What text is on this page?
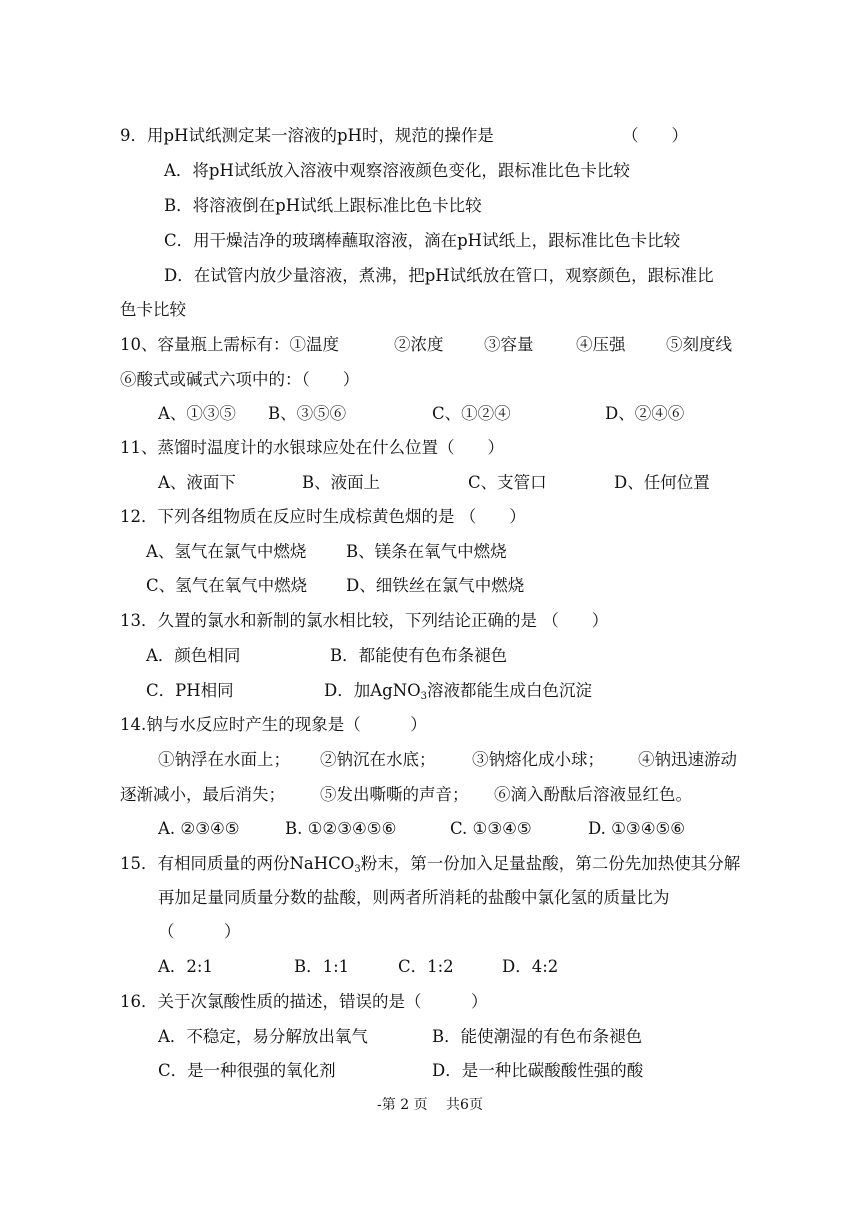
9．用pH试纸测定某一溶液的pH时，规范的操作是

	（　　）

A．将pH试纸放入溶液中观察溶液颜色变化，跟标准比色卡比较

B．将溶液倒在pH试纸上跟标准比色卡比较

C．用干燥洁净的玻璃棒蘸取溶液，滴在pH试纸上，跟标准比色卡比较

D．在试管内放少量溶液，煮沸，把pH试纸放在管口，观察颜色，跟标准比

色卡比较

10、容量瓶上需标有：①温度

	②浓度

③容量

	④压强

⑤刻度线

⑥酸式或碱式六项中的：（　　）

A、①③⑤

B、③⑤⑥

	C、①②④

	D、②④⑥

11、蒸馏时温度计的水银球应处在什么位置（　　）

A、液面下

	B、液面上

	C、支管口

	D、任何位置

12．下列各组物质在反应时生成棕黄色烟的是 （　　）

A、氢气在氯气中燃烧

B、镁条在氧气中燃烧

C、氢气在氧气中燃烧

D、细铁丝在氯气中燃烧

13．久置的氯水和新制的氯水相比较，下列结论正确的是 （　　）

A．颜色相同

	B．都能使有色布条褪色

C．PH相同

	D．加AgNO$_3$溶液都能生成白色沉淀

14.钠与水反应时产生的现象是（　　　）

①钠浮在水面上；

②钠沉在水底；

③钠熔化成小球；

④钠迅速游动

逐渐减小，最后消失；

⑤发出嘶嘶的声音；

⑥滴入酚酞后溶液显红色。

A. ②③④⑤

	B. ①②③④⑤⑥

	C. ①③④⑤

	D. ①③④⑤⑥

15．有相同质量的两份NaHCO$_3$粉末，第一份加入足量盐酸，第二份先加热使其分解

再加足量同质量分数的盐酸，则两者所消耗的盐酸中氯化氢的质量比为

（　　　）

A．2:1

	B．1:1

	C．1:2

	D．4:2

16．关于次氯酸性质的描述，错误的是（　　　）

A．不稳定，易分解放出氧气

	B．能使潮湿的有色布条褪色

C．是一种很强的氧化剂

	D．是一种比碳酸酸性强的酸

-第 2 页　 共6页
